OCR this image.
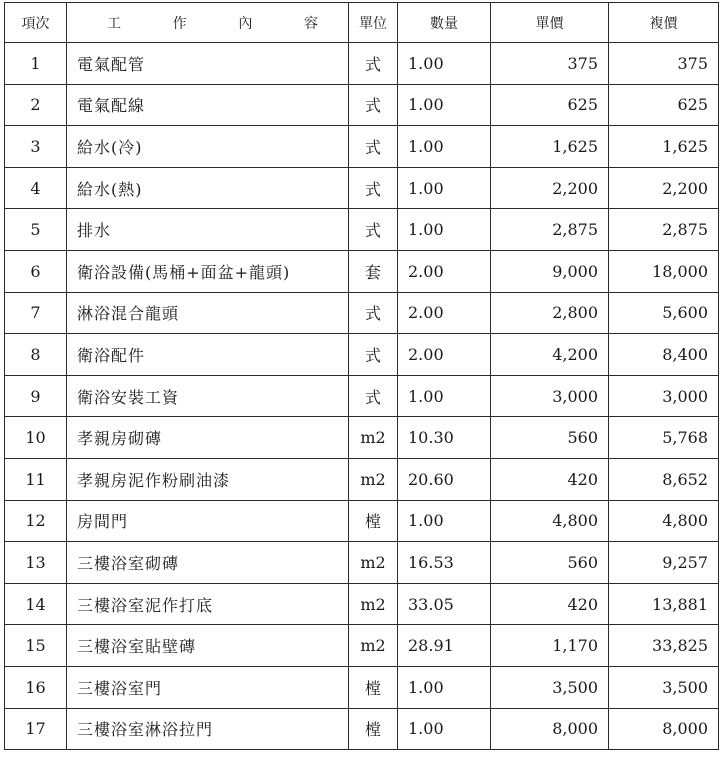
項次	工 作 內 容	單位	數量	單價	複價
1	電氣配管	式	1.00	375	375
2	電氣配線	式	1.00	625	625
3	給水(冷)	式	1.00	1,625	1,625
4	給水(熱)	式	1.00	2,200	2,200
5	排水	式	1.00	2,875	2,875
6	衛浴設備(馬桶+面盆+龍頭)	套	2.00	9,000	18,000
7	淋浴混合龍頭	式	2.00	2,800	5,600
8	衛浴配件	式	2.00	4,200	8,400
9	衛浴安裝工資	式	1.00	3,000	3,000
10	孝親房砌磚	m2	10.30	560	5,768
11	孝親房泥作粉刷油漆	m2	20.60	420	8,652
12	房間門	樘	1.00	4,800	4,800
13	三樓浴室砌磚	m2	16.53	560	9,257
14	三樓浴室泥作打底	m2	33.05	420	13,881
15	三樓浴室貼壁磚	m2	28.91	1,170	33,825
16	三樓浴室門	樘	1.00	3,500	3,500
17	三樓浴室淋浴拉門	樘	1.00	8,000	8,000
